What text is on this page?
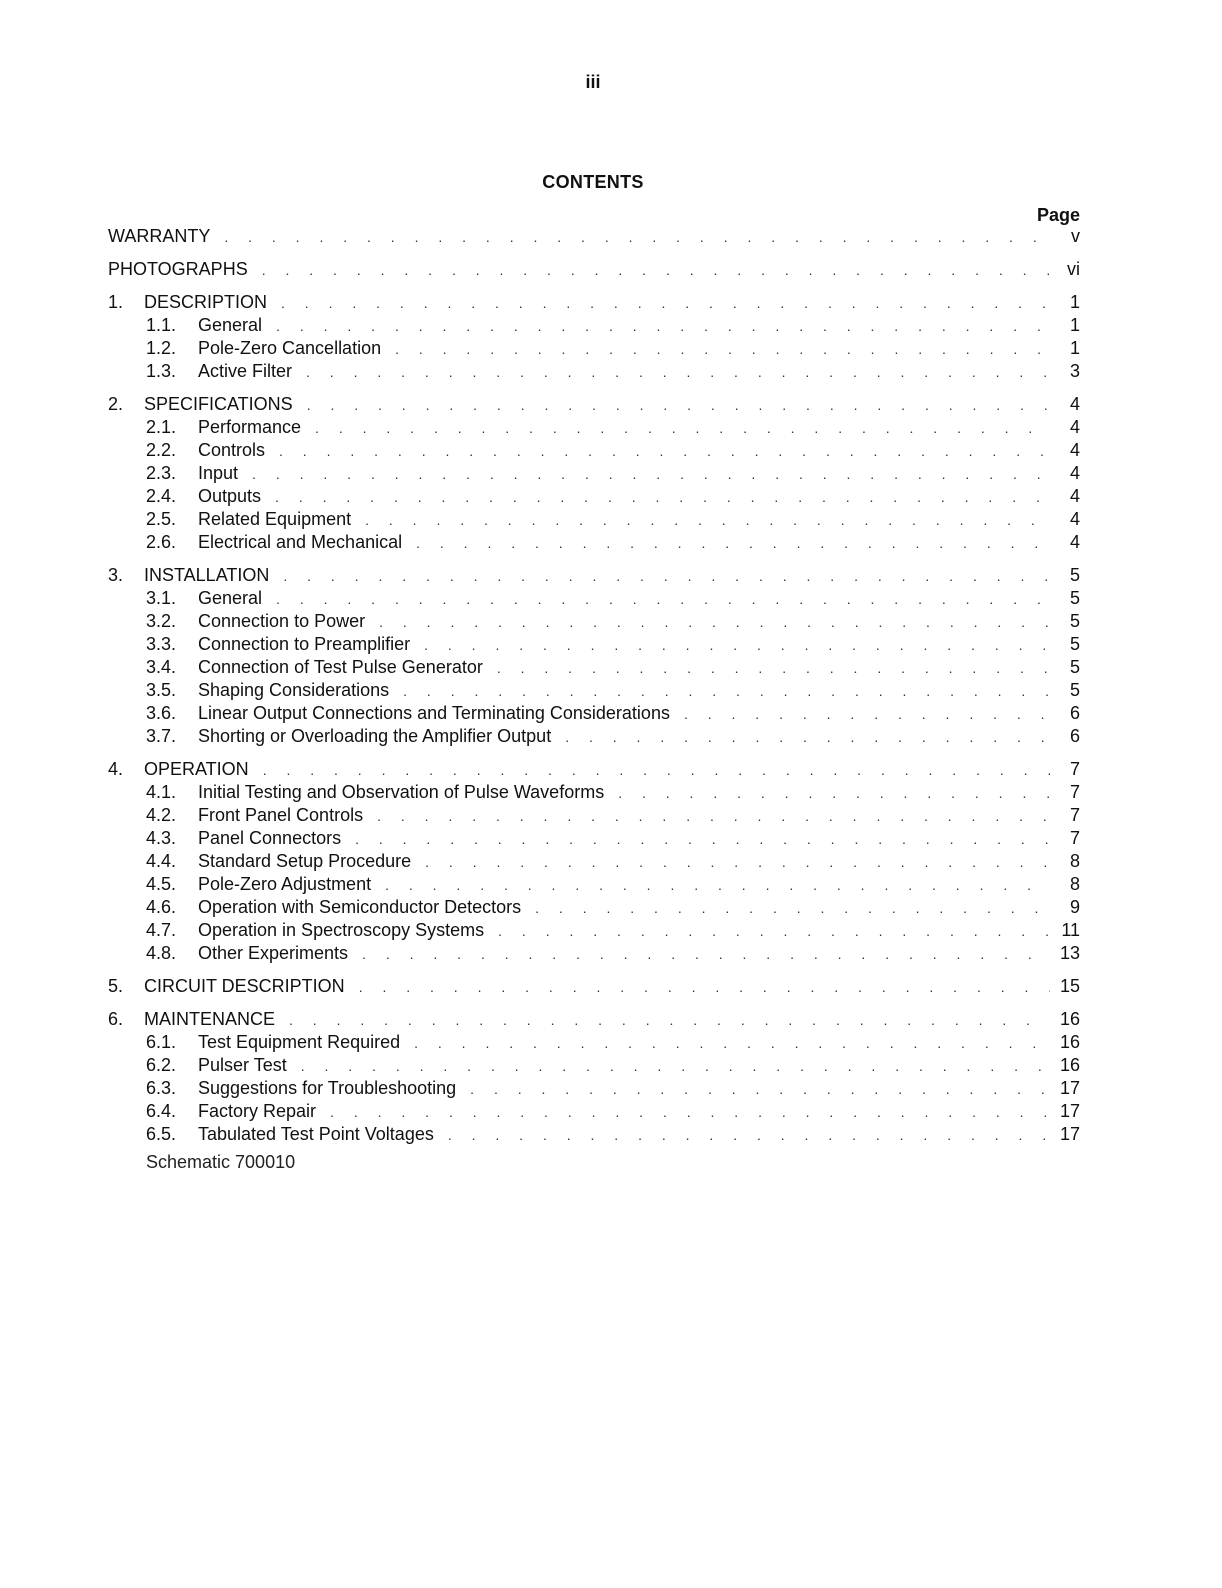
iii
CONTENTS
Page
WARRANTY . . .	v
PHOTOGRAPHS . . .	vi
1.	DESCRIPTION . . .	1
1.1.	General . . .	1
1.2.	Pole-Zero Cancellation . . .	1
1.3.	Active Filter . . .	3
2.	SPECIFICATIONS . . .	4
2.1.	Performance . . .	4
2.2.	Controls . . .	4
2.3.	Input . . .	4
2.4.	Outputs . . .	4
2.5.	Related Equipment . . .	4
2.6.	Electrical and Mechanical . . .	4
3.	INSTALLATION . . .	5
3.1.	General . . .	5
3.2.	Connection to Power . . .	5
3.3.	Connection to Preamplifier . . .	5
3.4.	Connection of Test Pulse Generator . . .	5
3.5.	Shaping Considerations . . .	5
3.6.	Linear Output Connections and Terminating Considerations . . .	6
3.7.	Shorting or Overloading the Amplifier Output . . .	6
4.	OPERATION . . .	7
4.1.	Initial Testing and Observation of Pulse Waveforms . . .	7
4.2.	Front Panel Controls . . .	7
4.3.	Panel Connectors . . .	7
4.4.	Standard Setup Procedure . . .	8
4.5.	Pole-Zero Adjustment . . .	8
4.6.	Operation with Semiconductor Detectors . . .	9
4.7.	Operation in Spectroscopy Systems . . .	11
4.8.	Other Experiments . . .	13
5.	CIRCUIT DESCRIPTION . . .	15
6.	MAINTENANCE . . .	16
6.1.	Test Equipment Required . . .	16
6.2.	Pulser Test . . .	16
6.3.	Suggestions for Troubleshooting . . .	17
6.4.	Factory Repair . . .	17
6.5.	Tabulated Test Point Voltages . . .	17
Schematic 700010
